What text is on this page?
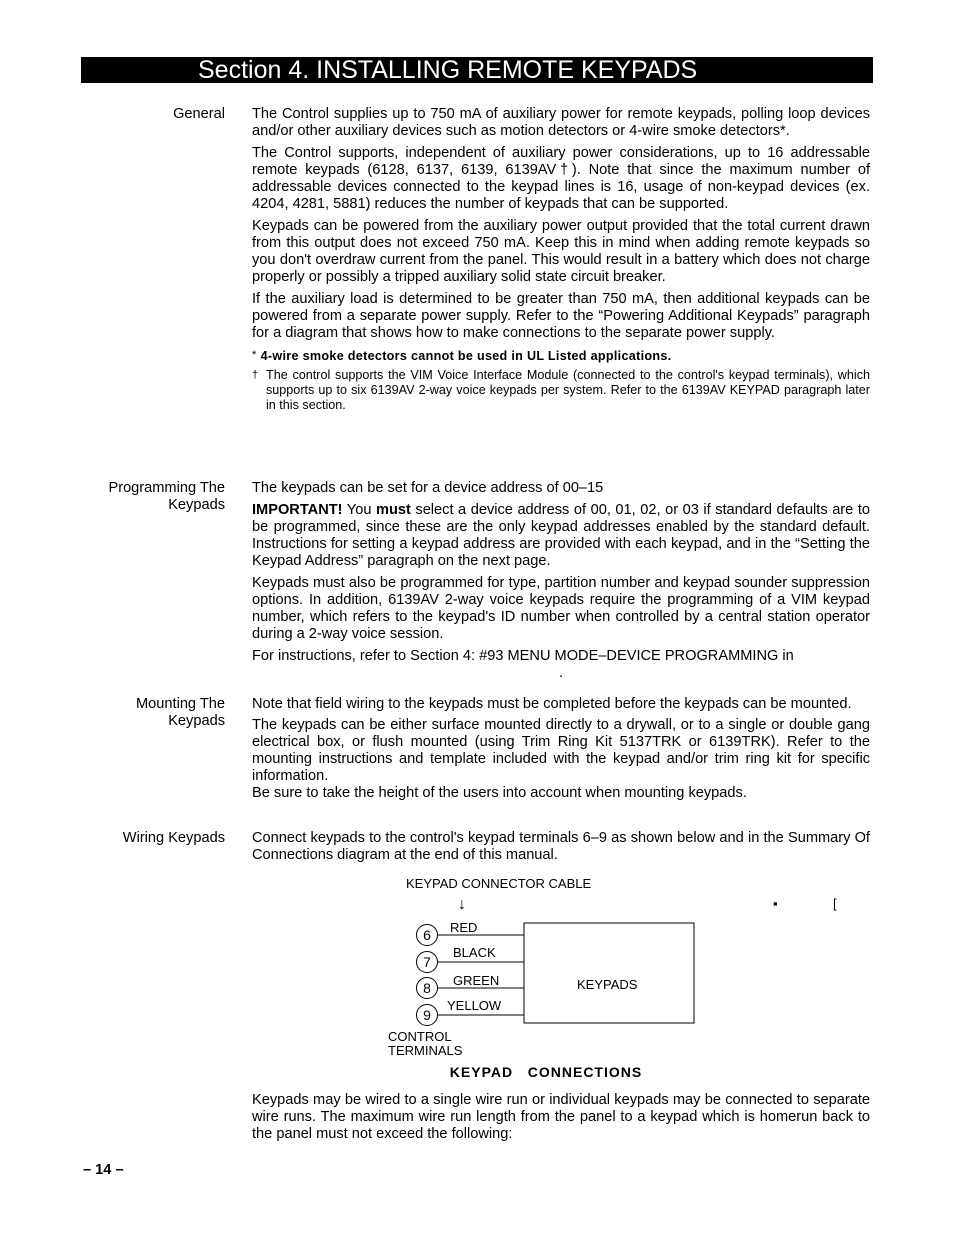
Section 4. INSTALLING REMOTE KEYPADS
General
Programming The
Keypads
Mounting The
Keypads
Wiring Keypads

The Control supplies up to 750 mA of auxiliary power for remote keypads, polling loop devices and/or other auxiliary devices such as motion detectors or 4-wire smoke detectors*.

The Control supports, independent of auxiliary power considerations, up to 16 addressable remote keypads (6128, 6137, 6139, 6139AV†). Note that since the maximum number of addressable devices connected to the keypad lines is 16, usage of non-keypad devices (ex. 4204, 4281, 5881) reduces the number of keypads that can be supported.

Keypads can be powered from the auxiliary power output provided that the total current drawn from this output does not exceed 750 mA. Keep this in mind when adding remote keypads so you don't overdraw current from the panel. This would result in a battery which does not charge properly or possibly a tripped auxiliary solid state circuit breaker.

If the auxiliary load is determined to be greater than 750 mA, then additional keypads can be powered from a separate power supply. Refer to the “Powering Additional Keypads” paragraph for a diagram that shows how to make connections to the separate power supply.

* 4-wire smoke detectors cannot be used in UL Listed applications.

† The control supports the VIM Voice Interface Module (connected to the control's keypad terminals), which supports up to six 6139AV 2-way voice keypads per system. Refer to the 6139AV KEYPAD paragraph later in this section.

The keypads can be set for a device address of 00–15

IMPORTANT! You must select a device address of 00, 01, 02, or 03 if standard defaults are to be programmed, since these are the only keypad addresses enabled by the standard default. Instructions for setting a keypad address are provided with each keypad, and in the “Setting the Keypad Address” paragraph on the next page.

Keypads must also be programmed for type, partition number and keypad sounder suppression options. In addition, 6139AV 2-way voice keypads require the programming of a VIM keypad number, which refers to the keypad's ID number when controlled by a central station operator during a 2-way voice session.

For instructions, refer to Section 4: #93 MENU MODE–DEVICE PROGRAMMING in

.

Note that field wiring to the keypads must be completed before the keypads can be mounted.

The keypads can be either surface mounted directly to a drywall, or to a single or double gang electrical box, or flush mounted (using Trim Ring Kit 5137TRK or 6139TRK). Refer to the mounting instructions and template included with the keypad and/or trim ring kit for specific information.

Be sure to take the height of the users into account when mounting keypads.

Connect keypads to the control's keypad terminals 6–9 as shown below and in the Summary Of Connections diagram at the end of this manual.

KEYPAD CONNECTOR CABLE
↓	▪	[
KEYPADS
6 RED
7
BLACK
8 GREEN
9
YELLOW
CONTROL
TERMINALS
KEYPAD   CONNECTIONS

Keypads may be wired to a single wire run or individual keypads may be connected to separate wire runs. The maximum wire run length from the panel to a keypad which is homerun back to the panel must not exceed the following:

– 14 –
